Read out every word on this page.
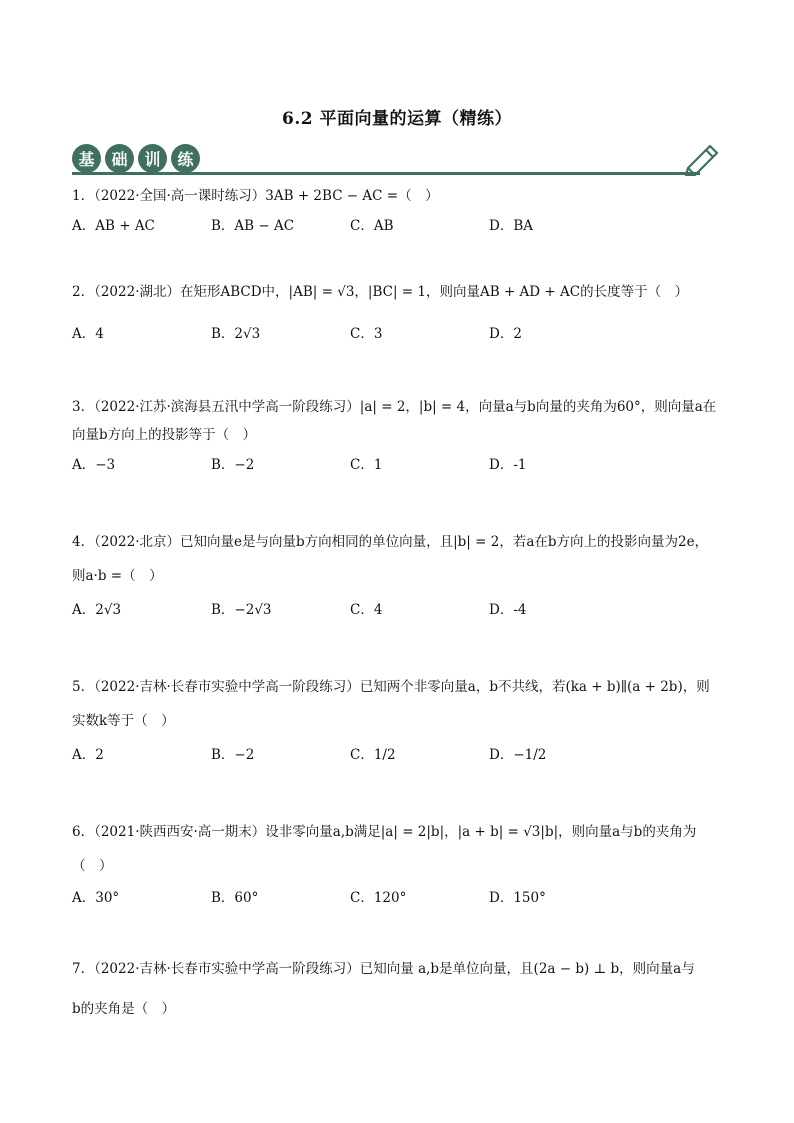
6.2 平面向量的运算（精练）
基	础	训	练
1．（2022·全国·高一课时练习）3AB + 2BC − AC =（　）
A．AB + AC	B．AB − AC	C．AB	D．BA
2．（2022·湖北）在矩形ABCD中，|AB| = √3，|BC| = 1，则向量AB + AD + AC的长度等于（　）
A．4	B．2√3	C．3	D．2
3．（2022·江苏·滨海县五汛中学高一阶段练习）|a| = 2，|b| = 4，向量a与b向量的夹角为60°，则向量a在
向量b方向上的投影等于（　）
A．−3	B．−2	C．1	D．-1
4．（2022·北京）已知向量e是与向量b方向相同的单位向量，且|b| = 2，若a在b方向上的投影向量为2e，
则a·b =（　）
A．2√3	B．−2√3	C．4	D．-4
5．（2022·吉林·长春市实验中学高一阶段练习）已知两个非零向量a，b不共线，若(ka + b)∥(a + 2b)，则
实数k等于（　）
A．2	B．−2	C．1/2	D．−1/2
6．（2021·陕西西安·高一期末）设非零向量a,b满足|a| = 2|b|，|a + b| = √3|b|，则向量a与b的夹角为
（　）
A．30°	B．60°	C．120°	D．150°
7．（2022·吉林·长春市实验中学高一阶段练习）已知向量 a,b是单位向量，且(2a − b) ⊥ b，则向量a与
b的夹角是（　）
